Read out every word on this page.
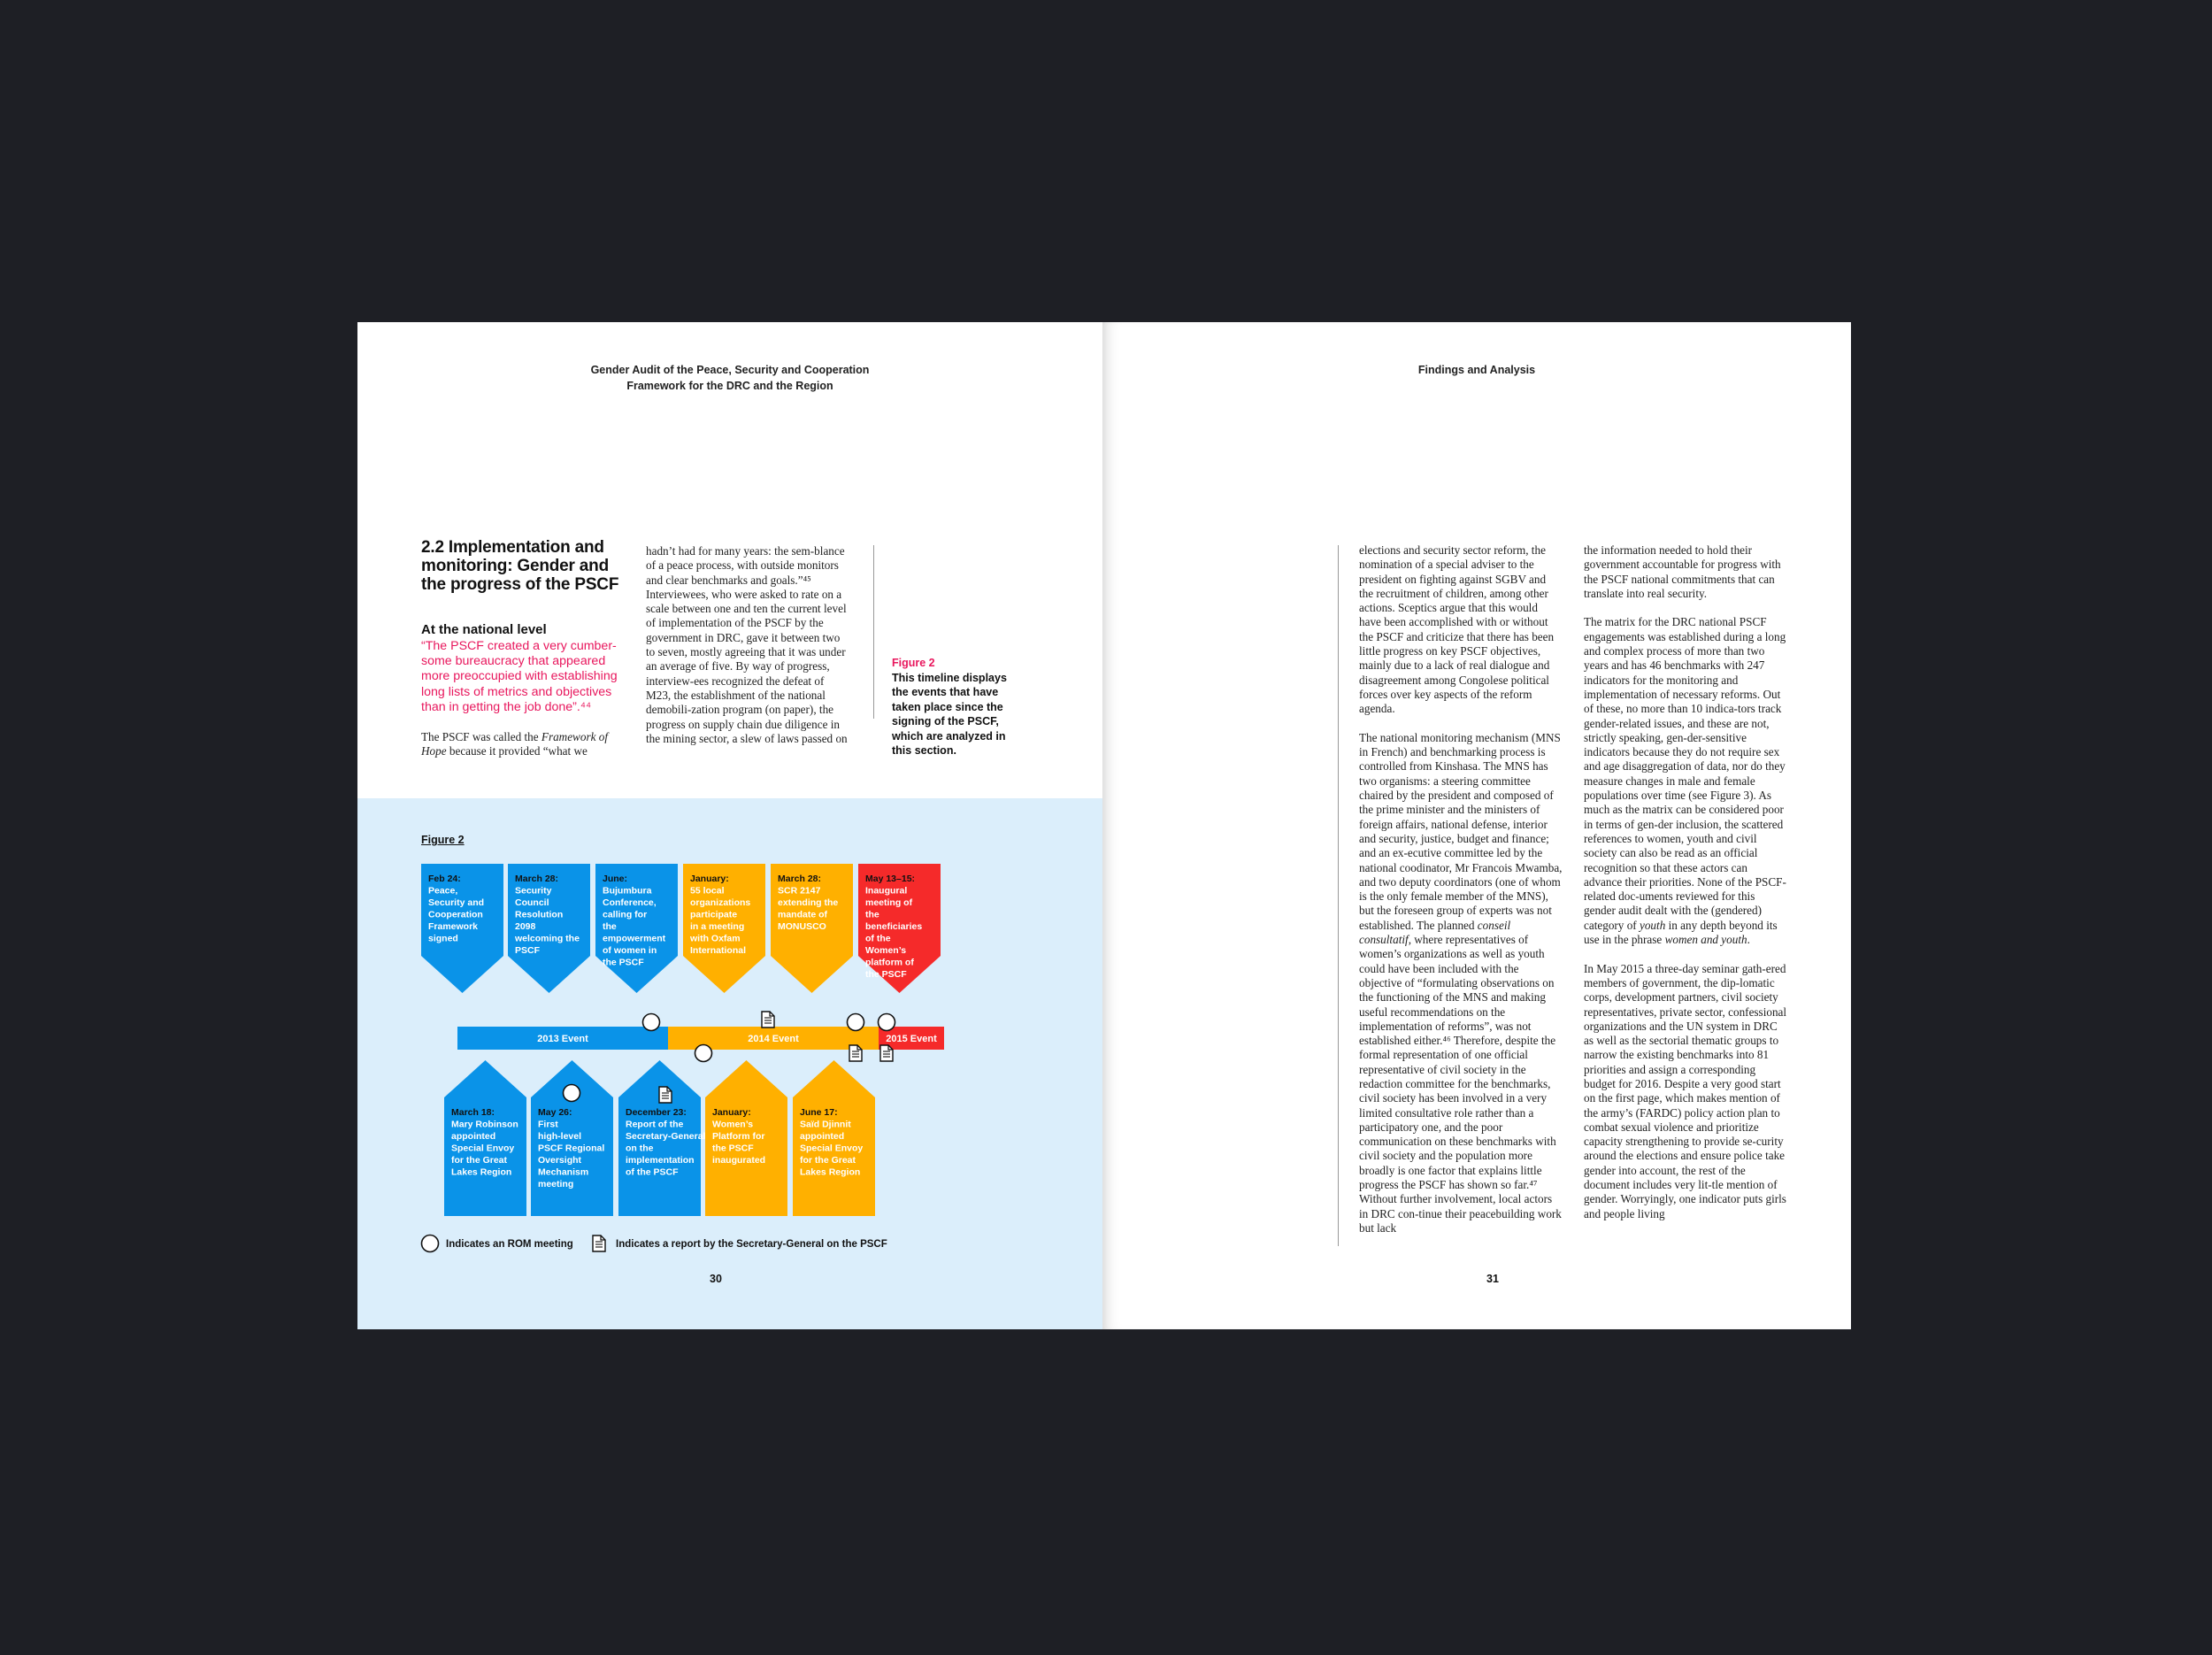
Gender Audit of the Peace, Security and Cooperation
Framework for the DRC and the Region
2.2 Implementation and monitoring: Gender and the progress of the PSCF
At the national level
“The PSCF created a very cumber-some bureaucracy that appeared more preoccupied with establishing long lists of metrics and objectives than in getting the job done”.⁴⁴
The PSCF was called the Framework of Hope because it provided “what we
hadn’t had for many years: the sem-blance of a peace process, with outside monitors and clear benchmarks and goals.”⁴⁵ Interviewees, who were asked to rate on a scale between one and ten the current level of implementation of the PSCF by the government in DRC, gave it between two to seven, mostly agreeing that it was under an average of five. By way of progress, interview-ees recognized the defeat of M23, the establishment of the national demobili-zation program (on paper), the progress on supply chain due diligence in the mining sector, a slew of laws passed on
Figure 2
This timeline displays the events that have taken place since the signing of the PSCF, which are analyzed in this section.
Figure 2
Feb 24: Peace, Security and Cooperation Framework signed
March 28: Security Council Resolution 2098 welcoming the PSCF
June: Bujumbura Conference, calling for the empowerment of women in the PSCF
January: 55 local organizations participate in a meeting with Oxfam International
March 28: SCR 2147 extending the mandate of MONUSCO
May 13–15: Inaugural meeting of the beneficiaries of the Women’s platform of the PSCF
2013 Event	2014 Event	2015 Event
March 18: Mary Robinson appointed Special Envoy for the Great Lakes Region
May 26: First high-level PSCF Regional Oversight Mechanism meeting
December 23: Report of the Secretary-General on the implementation of the PSCF
January: Women’s Platform for the PSCF inaugurated
June 17: Saïd Djinnit appointed Special Envoy for the Great Lakes Region
Indicates an ROM meeting	Indicates a report by the Secretary-General on the PSCF
30
Findings and Analysis

elections and security sector reform, the nomination of a special adviser to the president on fighting against SGBV and the recruitment of children, among other actions. Sceptics argue that this would have been accomplished with or without the PSCF and criticize that there has been little progress on key PSCF objectives, mainly due to a lack of real dialogue and disagreement among Congolese political forces over key aspects of the reform agenda.

The national monitoring mechanism (MNS in French) and benchmarking process is controlled from Kinshasa. The MNS has two organisms: a steering committee chaired by the president and composed of the prime minister and the ministers of foreign affairs, national defense, interior and security, justice, budget and finance; and an ex-ecutive committee led by the national coodinator, Mr Francois Mwamba, and two deputy coordinators (one of whom is the only female member of the MNS), but the foreseen group of experts was not established. The planned conseil consultatif, where representatives of women’s organizations as well as youth could have been included with the objective of “formulating observations on the functioning of the MNS and making useful recommendations on the implementation of reforms”, was not established either.⁴⁶ Therefore, despite the formal representation of one official representative of civil society in the redaction committee for the benchmarks, civil society has been involved in a very limited consultative role rather than a participatory one, and the poor communication on these benchmarks with civil society and the population more broadly is one factor that explains little progress the PSCF has shown so far.⁴⁷ Without further involvement, local actors in DRC con-tinue their peacebuilding work but lack

the information needed to hold their government accountable for progress with the PSCF national commitments that can translate into real security.

The matrix for the DRC national PSCF engagements was established during a long and complex process of more than two years and has 46 benchmarks with 247 indicators for the monitoring and implementation of necessary reforms. Out of these, no more than 10 indica-tors track gender-related issues, and these are not, strictly speaking, gen-der-sensitive indicators because they do not require sex and age disaggregation of data, nor do they measure changes in male and female populations over time (see Figure 3). As much as the matrix can be considered poor in terms of gen-der inclusion, the scattered references to women, youth and civil society can also be read as an official recognition so that these actors can advance their priorities. None of the PSCF-related doc-uments reviewed for this gender audit dealt with the (gendered) category of youth in any depth beyond its use in the phrase women and youth.

In May 2015 a three-day seminar gath-ered members of government, the dip-lomatic corps, development partners, civil society representatives, private sector, confessional organizations and the UN system in DRC as well as the sectorial thematic groups to narrow the existing benchmarks into 81 priorities and assign a corresponding budget for 2016. Despite a very good start on the first page, which makes mention of the army’s (FARDC) policy action plan to combat sexual violence and prioritize capacity strengthening to provide se-curity around the elections and ensure police take gender into account, the rest of the document includes very lit-tle mention of gender. Worryingly, one indicator puts girls and people living

31
